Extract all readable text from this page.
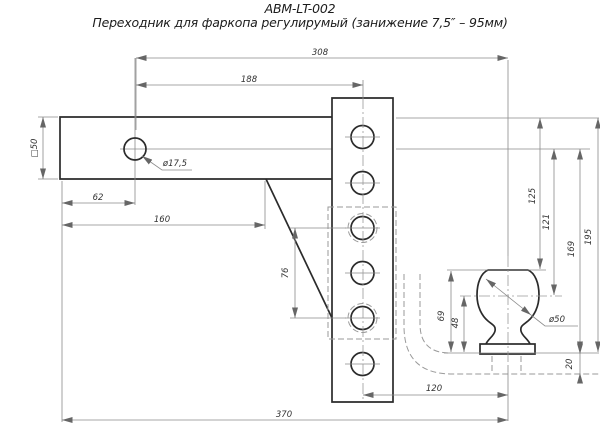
ABM-LT-002
Переходник для фаркопа регулирумый (занижение 7,5″ – 95мм)
308
188
62
160
370
120
ø17,5
ø50
□50
76
125
121
169
195
20
69
48
